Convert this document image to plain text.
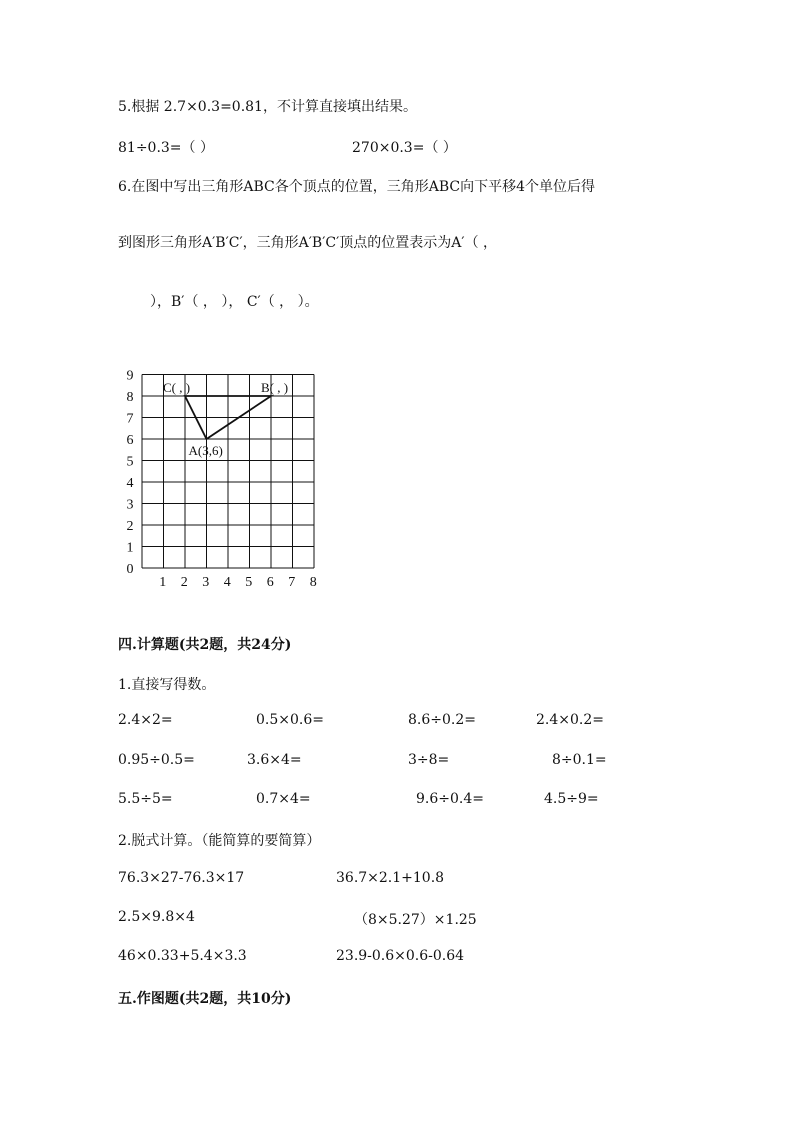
5.根据 2.7×0.3=0.81，不计算直接填出结果。
81÷0.3=（ ）	270×0.3=（ ）
6.在图中写出三角形ABC各个顶点的位置，三角形ABC向下平移4个单位后得
到图形三角形A′B′C′，三角形A′B′C′顶点的位置表示为A′（ ，
），B′（ ， ）， C′（ ， ）。
9
8
7
6
5
4
3
2
1
0
1 2 3 4 5 6 7 8
C( , )	B( , )
A(3,6)
四.计算题(共2题，共24分)
1.直接写得数。
2.4×2=	0.5×0.6=	8.6÷0.2=	2.4×0.2=
0.95÷0.5=	3.6×4=	3÷8=	8÷0.1=
5.5÷5=	0.7×4=	9.6÷0.4=	4.5÷9=
2.脱式计算。（能简算的要简算）
76.3×27-76.3×17	36.7×2.1+10.8
2.5×9.8×4	（8×5.27）×1.25
46×0.33+5.4×3.3	23.9-0.6×0.6-0.64
五.作图题(共2题，共10分)
